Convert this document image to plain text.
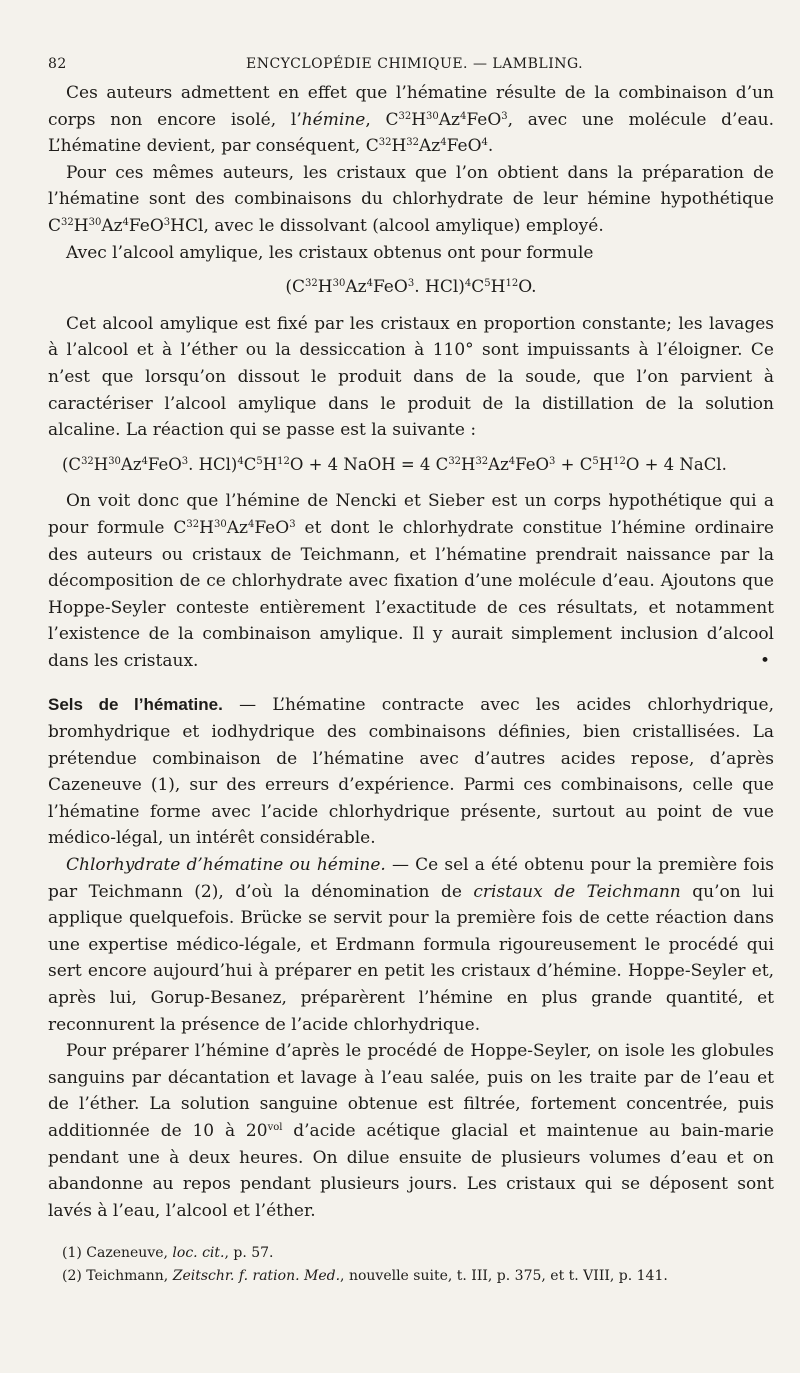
82	ENCYCLOPÉDIE CHIMIQUE. — LAMBLING.

Ces auteurs admettent en effet que l’hématine résulte de la combinaison d’un corps non encore isolé, l’hémine, $C^{32}H^{30}Az^4FeO^3$, avec une molécule d’eau. L’hématine devient, par conséquent, $C^{32}H^{32}Az^4FeO^4$.

Pour ces mêmes auteurs, les cristaux que l’on obtient dans la préparation de l’hématine sont des combinaisons du chlorhydrate de leur hémine hypothétique $C^{32}H^{30}Az^4FeO^3HCl$, avec le dissolvant (alcool amylique) employé.

Avec l’alcool amylique, les cristaux obtenus ont pour formule

($C^{32}H^{30}Az^4FeO^3$. $HCl)^4C^5H^{12}O$.

Cet alcool amylique est fixé par les cristaux en proportion constante; les lavages à l’alcool et à l’éther ou la dessiccation à 110° sont impuissants à l’éloigner. Ce n’est que lorsqu’on dissout le produit dans de la soude, que l’on parvient à caractériser l’alcool amylique dans le produit de la distillation de la solution alcaline. La réaction qui se passe est la suivante :

($C^{32}H^{30}Az^4FeO^3$. $HCl)^4C^5H^{12}O + 4$ NaOH = 4 $C^{32}H^{32}Az^4FeO^3 + C^5H^{12}O + 4$ NaCl.

On voit donc que l’hémine de Nencki et Sieber est un corps hypothétique qui a pour formule $C^{32}H^{30}Az^4FeO^3$ et dont le chlorhydrate constitue l’hémine ordinaire des auteurs ou cristaux de Teichmann, et l’hématine prendrait naissance par la décomposition de ce chlorhydrate avec fixation d’une molécule d’eau. Ajoutons que Hoppe-Seyler conteste entièrement l’exactitude de ces résultats, et notamment l’existence de la combinaison amylique. Il y aurait simplement inclusion d’alcool dans les cristaux.	•

Sels de l’hématine. — L’hématine contracte avec les acides chlorhydrique, bromhydrique et iodhydrique des combinaisons définies, bien cristallisées. La prétendue combinaison de l’hématine avec d’autres acides repose, d’après Cazeneuve (1), sur des erreurs d’expérience. Parmi ces combinaisons, celle que l’hématine forme avec l’acide chlorhydrique présente, surtout au point de vue médico-légal, un intérêt considérable.

Chlorhydrate d’hématine ou hémine. — Ce sel a été obtenu pour la première fois par Teichmann (2), d’où la dénomination de cristaux de Teichmann qu’on lui applique quelquefois. Brücke se servit pour la première fois de cette réaction dans une expertise médico-légale, et Erdmann formula rigoureusement le procédé qui sert encore aujourd’hui à préparer en petit les cristaux d’hémine. Hoppe-Seyler et, après lui, Gorup-Besanez, préparèrent l’hémine en plus grande quantité, et reconnurent la présence de l’acide chlorhydrique.

Pour préparer l’hémine d’après le procédé de Hoppe-Seyler, on isole les globules sanguins par décantation et lavage à l’eau salée, puis on les traite par de l’eau et de l’éther. La solution sanguine obtenue est filtrée, fortement concentrée, puis additionnée de 10 à $20^{vol}$ d’acide acétique glacial et maintenue au bain-marie pendant une à deux heures. On dilue ensuite de plusieurs volumes d’eau et on abandonne au repos pendant plusieurs jours. Les cristaux qui se déposent sont lavés à l’eau, l’alcool et l’éther.

(1) Cazeneuve, loc. cit., p. 57.

(2) Teichmann, Zeitschr. f. ration. Med., nouvelle suite, t. III, p. 375, et t. VIII, p. 141.
